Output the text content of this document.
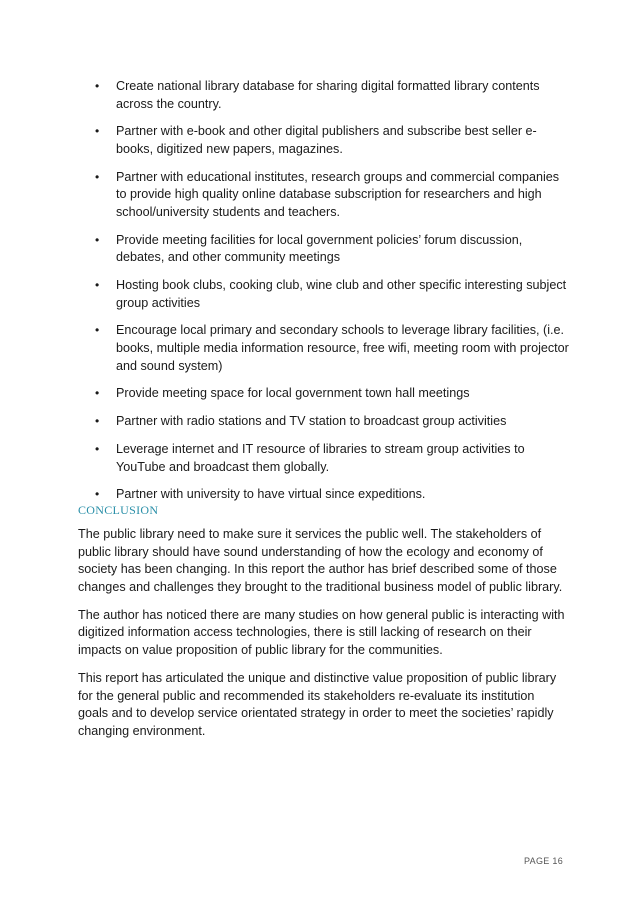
• Create national library database for sharing digital formatted library contents across the country.
• Partner with e-book and other digital publishers and subscribe best seller e-books, digitized new papers, magazines.
• Partner with educational institutes, research groups and commercial companies to provide high quality online database subscription for researchers and high school/university students and teachers.
• Provide meeting facilities for local government policies’ forum discussion, debates, and other community meetings
• Hosting book clubs, cooking club, wine club and other specific interesting subject group activities
• Encourage local primary and secondary schools to leverage library facilities, (i.e. books, multiple media information resource, free wifi, meeting room with projector and sound system)
• Provide meeting space for local government town hall meetings
• Partner with radio stations and TV station to broadcast group activities
• Leverage internet and IT resource of libraries to stream group activities to YouTube and broadcast them globally.
• Partner with university to have virtual since expeditions.
CONCLUSION

The public library need to make sure it services the public well. The stakeholders of public library should have sound understanding of how the ecology and economy of society has been changing. In this report the author has brief described some of those changes and challenges they brought to the traditional business model of public library.

The author has noticed there are many studies on how general public is interacting with digitized information access technologies, there is still lacking of research on their impacts on value proposition of public library for the communities.

This report has articulated the unique and distinctive value proposition of public library for the general public and recommended its stakeholders re-evaluate its institution goals and to develop service orientated strategy in order to meet the societies’ rapidly changing environment.

PAGE 16
